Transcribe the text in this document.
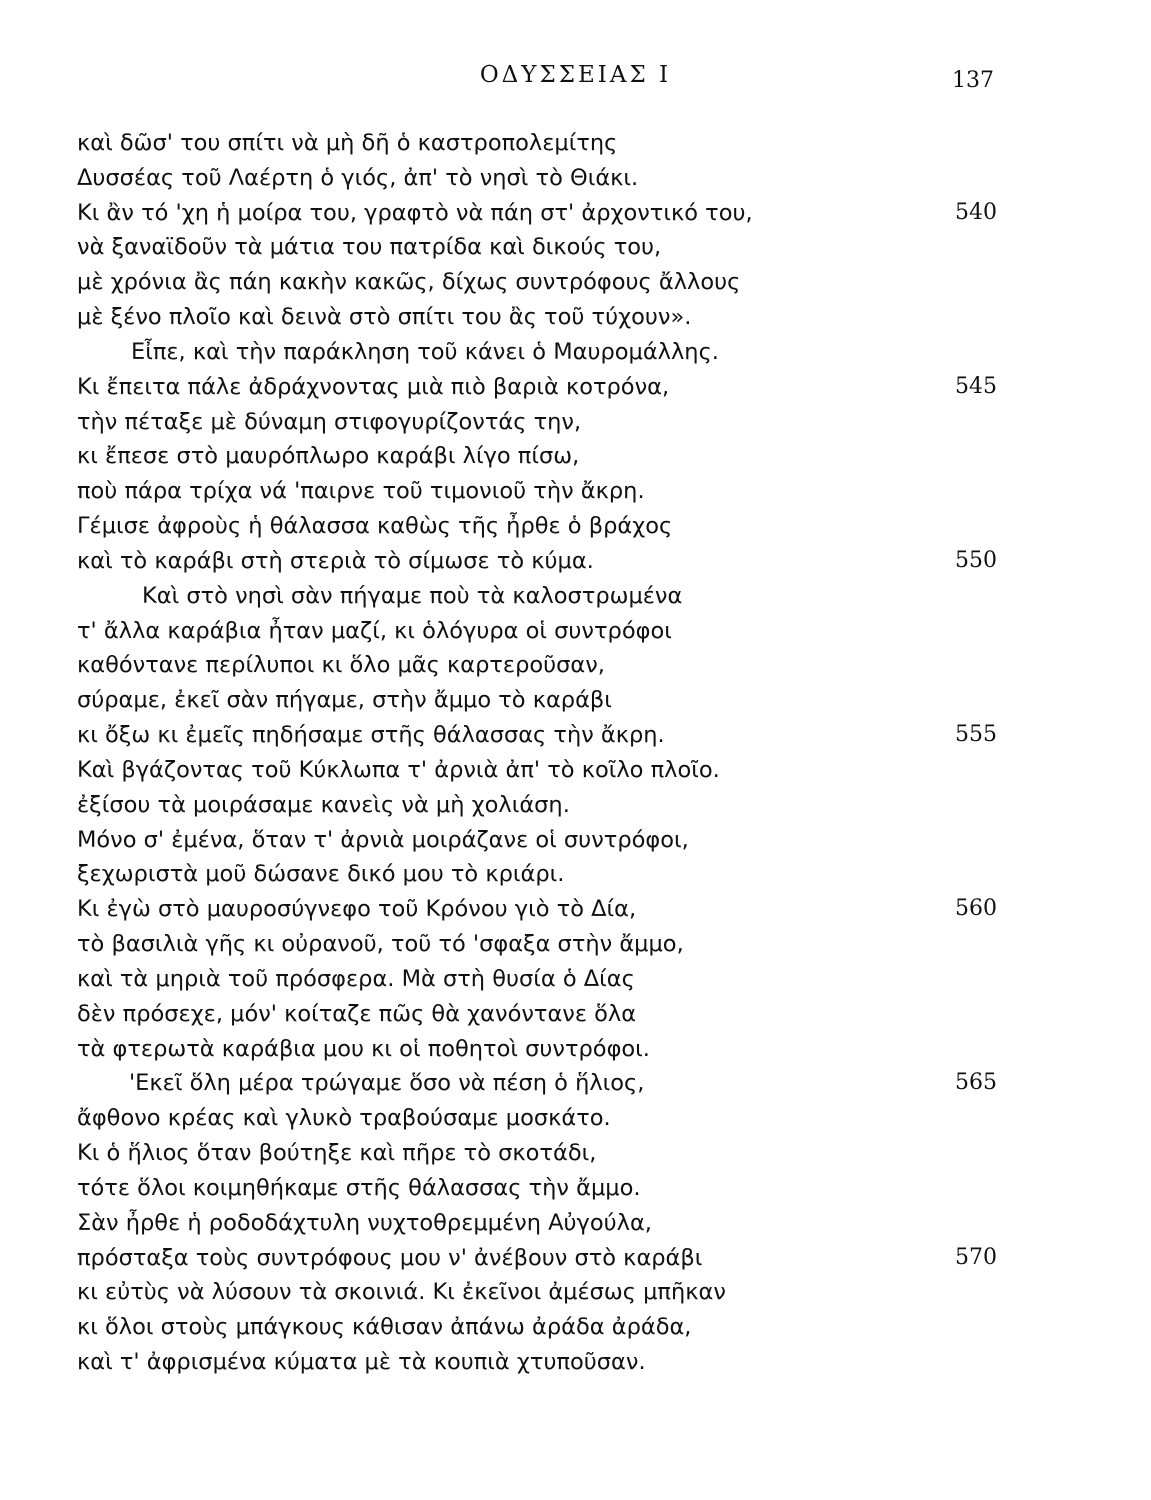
ΟΔΥΣΣΕΙΑΣ Ι	137
καὶ δῶσ' του σπίτι νὰ μὴ δῆ ὁ καστροπολεμίτης
Δυσσέας τοῦ Λαέρτη ὁ γιός, ἀπ' τὸ νησὶ τὸ Θιάκι.
Κι ἂν τό 'χη ἡ μοίρα του, γραφτὸ νὰ πάη στ' ἀρχοντικό του,	540
νὰ ξαναϊδοῦν τὰ μάτια του πατρίδα καὶ δικούς του,
μὲ χρόνια ἂς πάη κακὴν κακῶς, δίχως συντρόφους ἄλλους
μὲ ξένο πλοῖο καὶ δεινὰ στὸ σπίτι του ἂς τοῦ τύχουν».
Εἶπε, καὶ τὴν παράκληση τοῦ κάνει ὁ Μαυρομάλλης.
Κι ἔπειτα πάλε ἀδράχνοντας μιὰ πιὸ βαριὰ κοτρόνα,	545
τὴν πέταξε μὲ δύναμη στιφογυρίζοντάς την,
κι ἔπεσε στὸ μαυρόπλωρο καράβι λίγο πίσω,
ποὺ πάρα τρίχα νά 'παιρνε τοῦ τιμονιοῦ τὴν ἄκρη.
Γέμισε ἀφροὺς ἡ θάλασσα καθὼς τῆς ἦρθε ὁ βράχος
καὶ τὸ καράβι στὴ στεριὰ τὸ σίμωσε τὸ κύμα.	550
Καὶ στὸ νησὶ σὰν πήγαμε ποὺ τὰ καλοστρωμένα
τ' ἄλλα καράβια ἦταν μαζί, κι ὁλόγυρα οἱ συντρόφοι
καθόντανε περίλυποι κι ὅλο μᾶς καρτεροῦσαν,
σύραμε, ἐκεῖ σὰν πήγαμε, στὴν ἄμμο τὸ καράβι
κι ὄξω κι ἐμεῖς πηδήσαμε στῆς θάλασσας τὴν ἄκρη.	555
Καὶ βγάζοντας τοῦ Κύκλωπα τ' ἀρνιὰ ἀπ' τὸ κοῖλο πλοῖο.
ἐξίσου τὰ μοιράσαμε κανεὶς νὰ μὴ χολιάση.
Μόνο σ' ἐμένα, ὅταν τ' ἀρνιὰ μοιράζανε οἱ συντρόφοι,
ξεχωριστὰ μοῦ δώσανε δικό μου τὸ κριάρι.
Κι ἐγὼ στὸ μαυροσύγνεφο τοῦ Κρόνου γιὸ τὸ Δία,	560
τὸ βασιλιὰ γῆς κι οὐρανοῦ, τοῦ τό 'σφαξα στὴν ἄμμο,
καὶ τὰ μηριὰ τοῦ πρόσφερα. Μὰ στὴ θυσία ὁ Δίας
δὲν πρόσεχε, μόν' κοίταζε πῶς θὰ χανόντανε ὅλα
τὰ φτερωτὰ καράβια μου κι οἱ ποθητοὶ συντρόφοι.
'Εκεῖ ὅλη μέρα τρώγαμε ὅσο νὰ πέση ὁ ἥλιος,	565
ἄφθονο κρέας καὶ γλυκὸ τραβούσαμε μοσκάτο.
Κι ὁ ἥλιος ὅταν βούτηξε καὶ πῆρε τὸ σκοτάδι,
τότε ὅλοι κοιμηθήκαμε στῆς θάλασσας τὴν ἄμμο.
Σὰν ἦρθε ἡ ροδοδάχτυλη νυχτοθρεμμένη Αὐγούλα,
πρόσταξα τοὺς συντρόφους μου ν' ἀνέβουν στὸ καράβι	570
κι εὐτὺς νὰ λύσουν τὰ σκοινιά. Κι ἐκεῖνοι ἀμέσως μπῆκαν
κι ὅλοι στοὺς μπάγκους κάθισαν ἀπάνω ἀράδα ἀράδα,
καὶ τ' ἀφρισμένα κύματα μὲ τὰ κουπιὰ χτυποῦσαν.
